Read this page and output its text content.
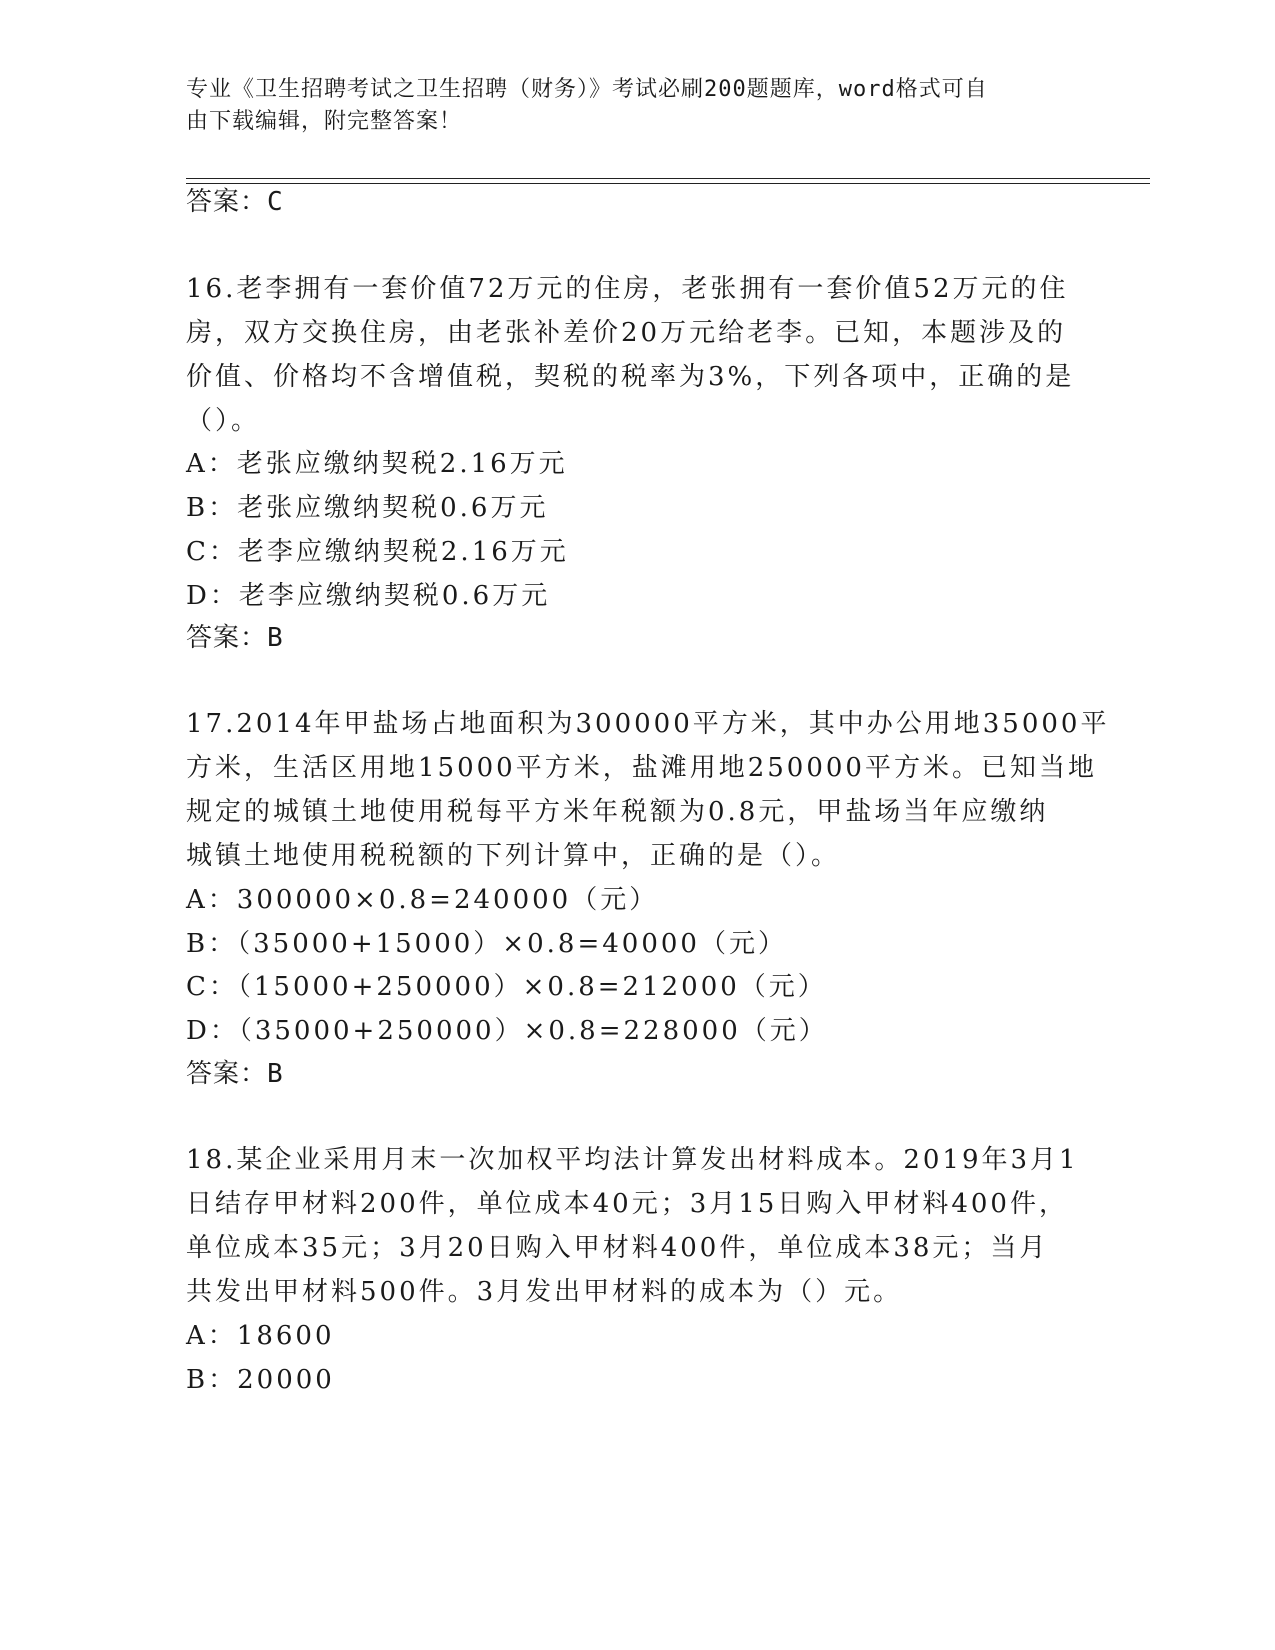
专业《卫生招聘考试之卫生招聘（财务）》考试必刷200题题库，word格式可自
由下载编辑，附完整答案！
答案：C
16.老李拥有一套价值72万元的住房，老张拥有一套价值52万元的住
房，双方交换住房，由老张补差价20万元给老李。已知，本题涉及的
价值、价格均不含增值税，契税的税率为3%，下列各项中，正确的是
（）。
A：老张应缴纳契税2.16万元
B：老张应缴纳契税0.6万元
C：老李应缴纳契税2.16万元
D：老李应缴纳契税0.6万元
答案：B
17.2014年甲盐场占地面积为300000平方米，其中办公用地35000平
方米，生活区用地15000平方米，盐滩用地250000平方米。已知当地
规定的城镇土地使用税每平方米年税额为0.8元，甲盐场当年应缴纳
城镇土地使用税税额的下列计算中，正确的是（）。
A：300000×0.8=240000（元）
B：（35000+15000）×0.8=40000（元）
C：（15000+250000）×0.8=212000（元）
D：（35000+250000）×0.8=228000（元）
答案：B
18.某企业采用月末一次加权平均法计算发出材料成本。2019年3月1
日结存甲材料200件，单位成本40元；3月15日购入甲材料400件，
单位成本35元；3月20日购入甲材料400件，单位成本38元；当月
共发出甲材料500件。3月发出甲材料的成本为（）元。
A：18600
B：20000
